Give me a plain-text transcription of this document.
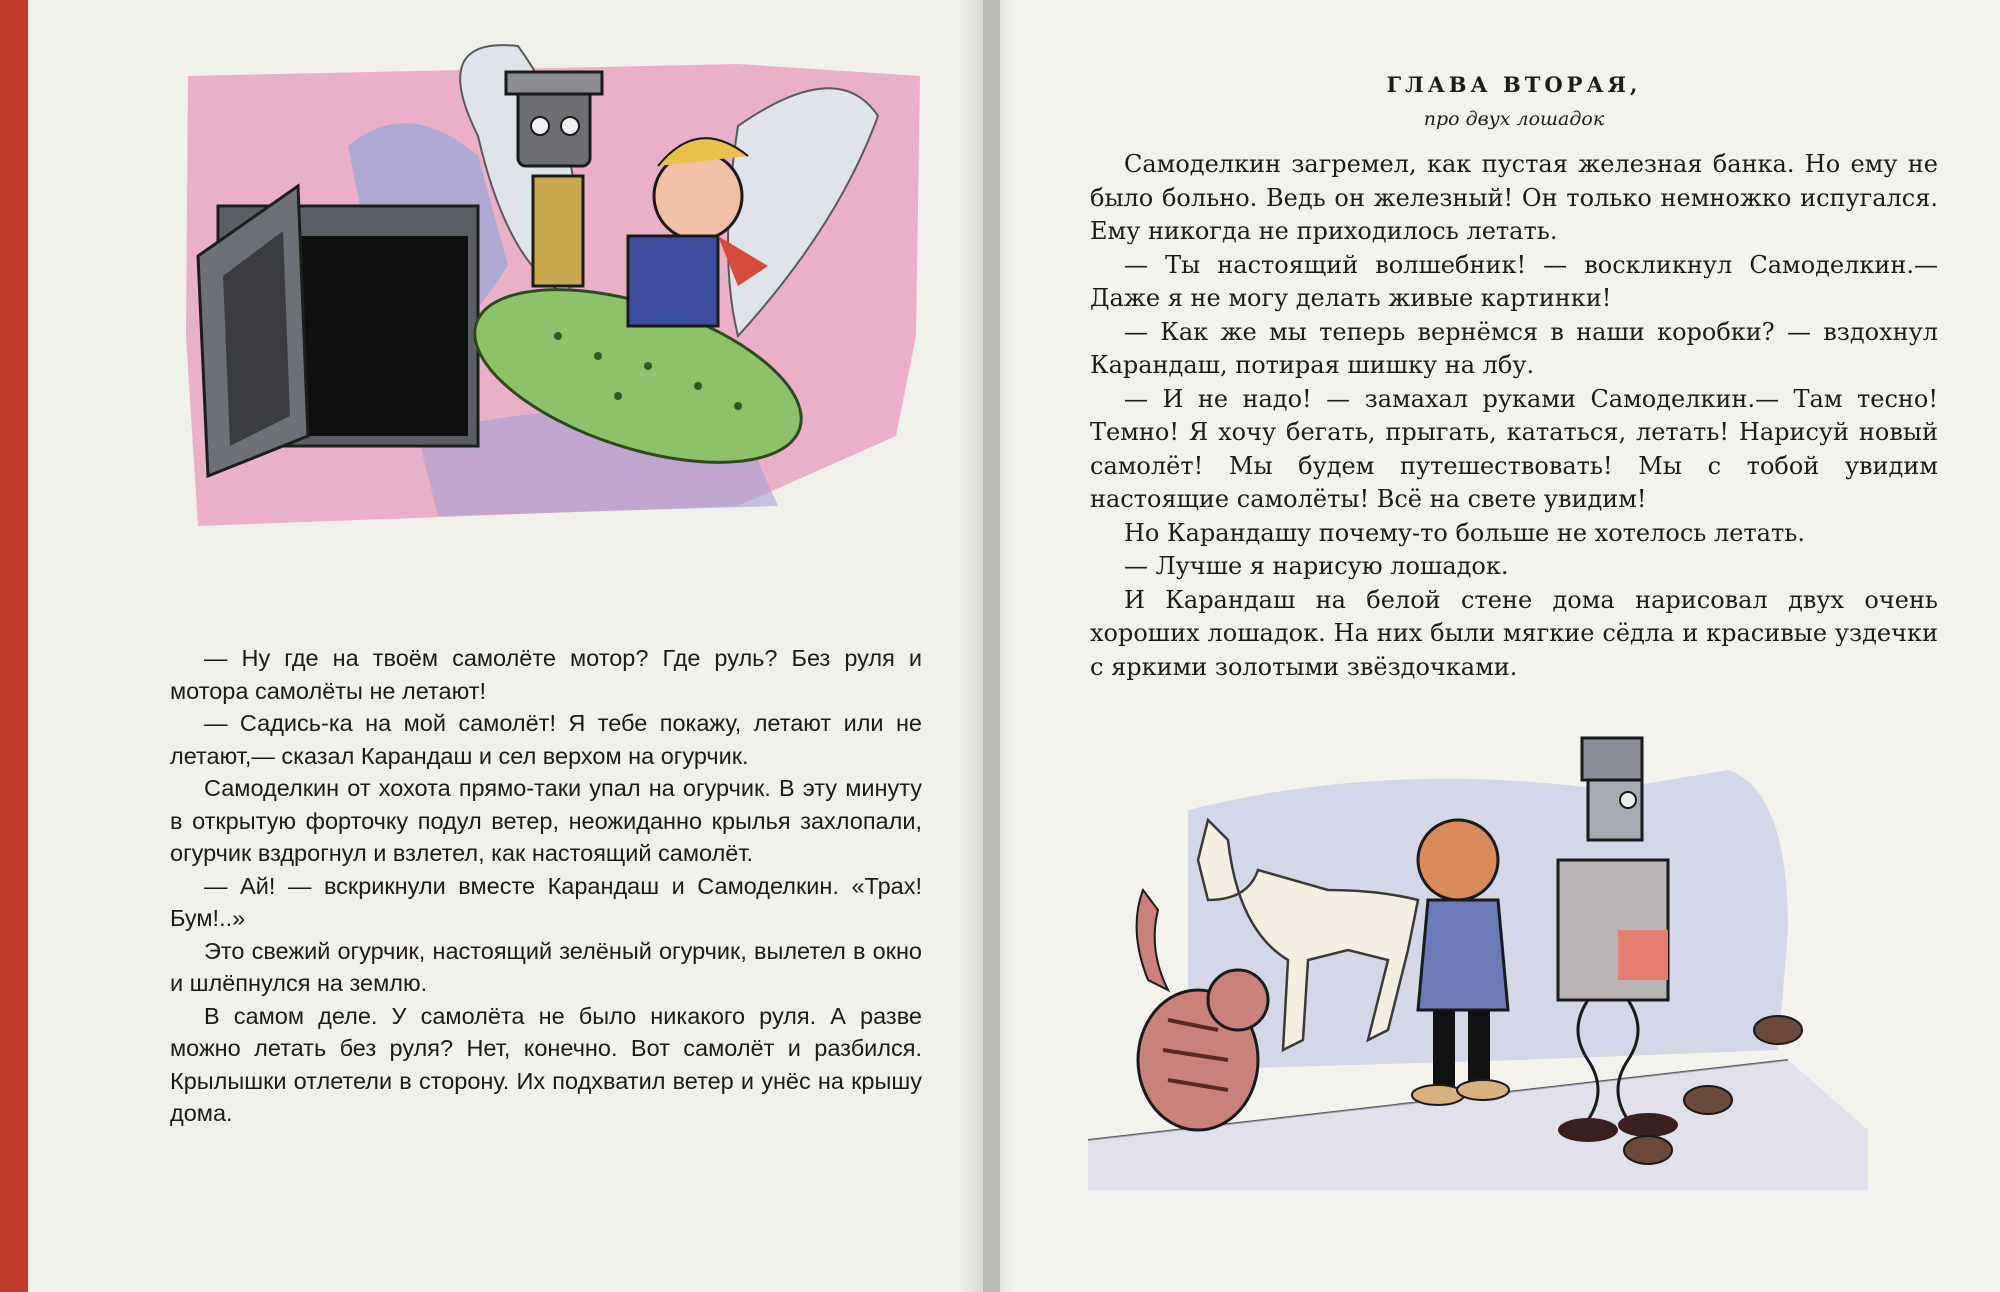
ГЛАВА ВТОРАЯ,
про двух лошадок

— Ну где на твоём самолёте мотор? Где руль? Без руля и мотора самолёты не летают!

— Садись-ка на мой самолёт! Я тебе покажу, летают или не летают,— сказал Карандаш и сел верхом на огурчик.

Самоделкин от хохота прямо-таки упал на огурчик. В эту минуту в открытую форточку подул ветер, неожиданно крылья захлопали, огурчик вздрогнул и взлетел, как настоящий самолёт.

— Ай! — вскрикнули вместе Карандаш и Самоделкин. «Трах! Бум!..»

Это свежий огурчик, настоящий зелёный огурчик, вылетел в окно и шлёпнулся на землю.

В самом деле. У самолёта не было никакого руля. А разве можно летать без руля? Нет, конечно. Вот самолёт и разбился. Крылышки отлетели в сторону. Их подхватил ветер и унёс на крышу дома.

Самоделкин загремел, как пустая железная банка. Но ему не было больно. Ведь он железный! Он только немножко испугался. Ему никогда не приходилось летать.

— Ты настоящий волшебник! — воскликнул Самоделкин.— Даже я не могу делать живые картинки!

— Как же мы теперь вернёмся в наши коробки? — вздохнул Карандаш, потирая шишку на лбу.

— И не надо! — замахал руками Самоделкин.— Там тесно! Темно! Я хочу бегать, прыгать, кататься, летать! Нарисуй новый самолёт! Мы будем путешествовать! Мы с тобой увидим настоящие самолёты! Всё на свете увидим!

Но Карандашу почему-то больше не хотелось летать.

— Лучше я нарисую лошадок.

И Карандаш на белой стене дома нарисовал двух очень хороших лошадок. На них были мягкие сёдла и красивые уздечки с яркими золотыми звёздочками.
